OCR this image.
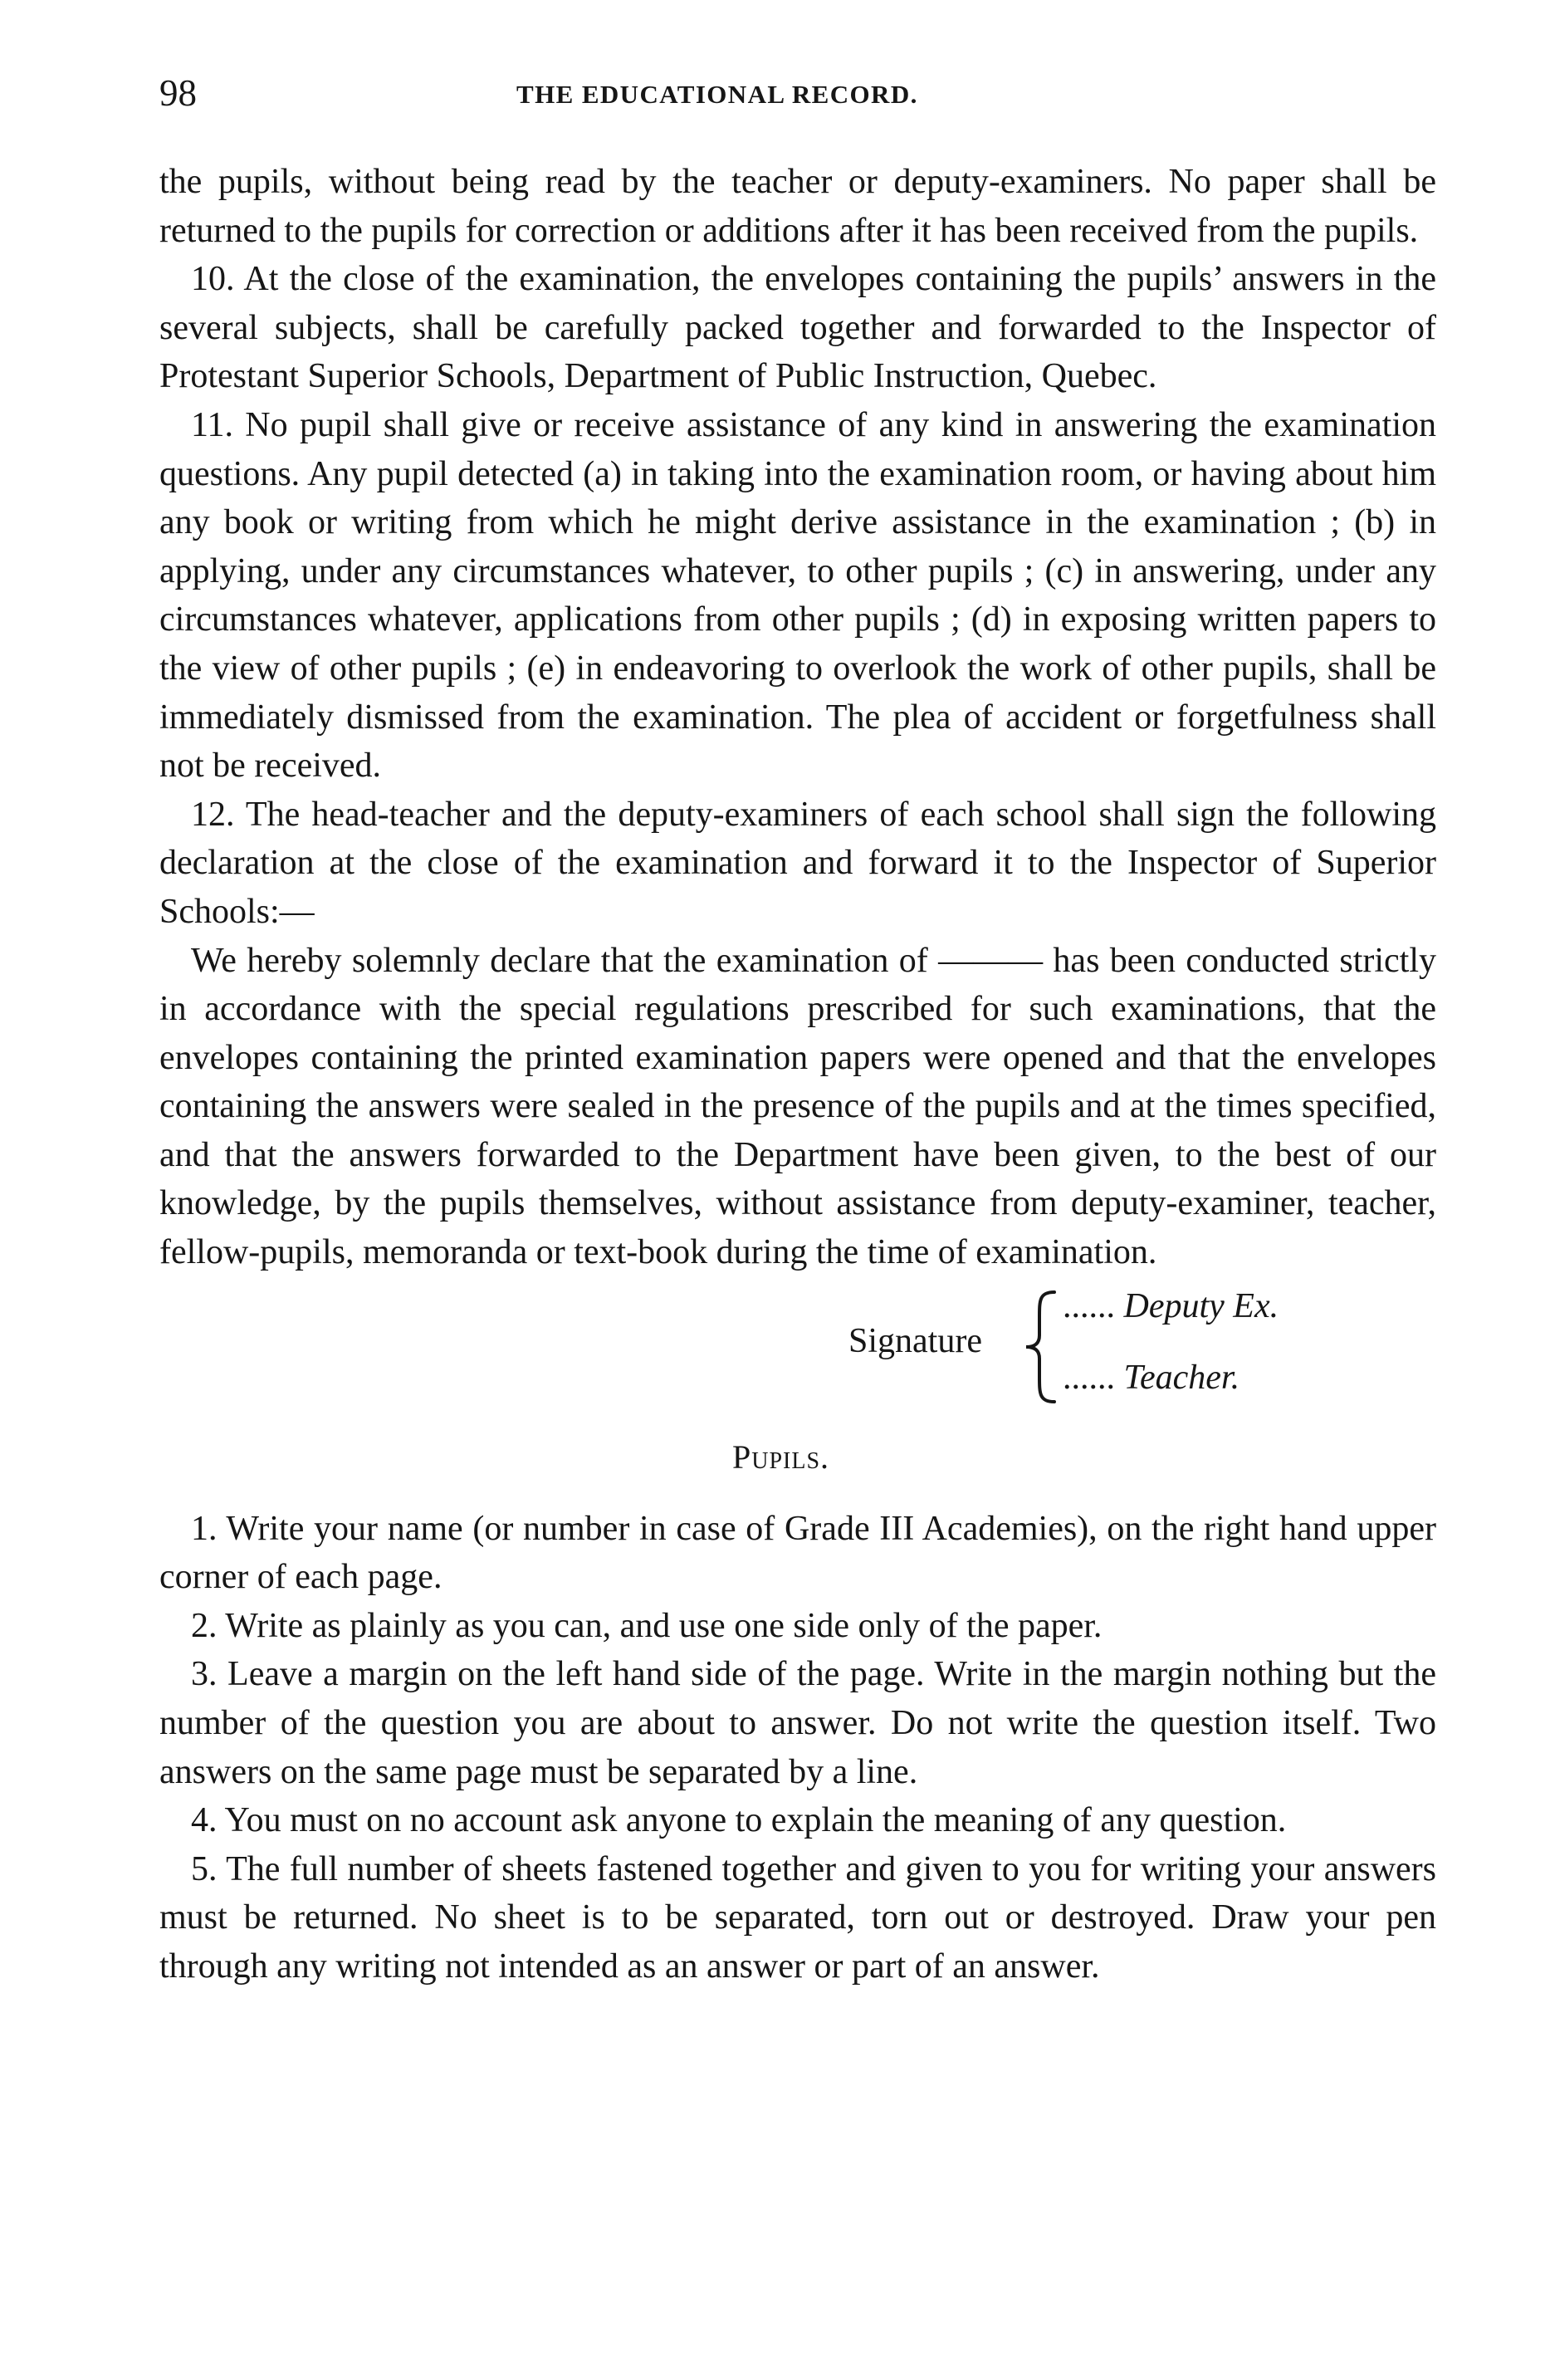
98	THE EDUCATIONAL RECORD.

the pupils, without being read by the teacher or deputy-examiners. No paper shall be returned to the pupils for correction or additions after it has been received from the pupils.

10. At the close of the examination, the envelopes containing the pupils’ answers in the several subjects, shall be carefully packed together and forwarded to the Inspector of Protestant Superior Schools, Department of Public Instruction, Quebec.

11. No pupil shall give or receive assistance of any kind in answering the examination questions. Any pupil detected (a) in taking into the examination room, or having about him any book or writing from which he might derive assistance in the examination ; (b) in applying, under any circumstances whatever, to other pupils ; (c) in answering, under any circumstances whatever, applications from other pupils ; (d) in exposing written papers to the view of other pupils ; (e) in endeavoring to overlook the work of other pupils, shall be immediately dismissed from the examination. The plea of accident or forgetfulness shall not be received.

12. The head-teacher and the deputy-examiners of each school shall sign the following declaration at the close of the examination and forward it to the Inspector of Superior Schools:—

We hereby solemnly declare that the examination of ——— has been conducted strictly in accordance with the special regulations prescribed for such examinations, that the envelopes containing the printed examination papers were opened and that the envelopes containing the answers were sealed in the presence of the pupils and at the times specified, and that the answers forwarded to the Department have been given, to the best of our knowledge, by the pupils themselves, without assistance from deputy-examiner, teacher, fellow-pupils, memoranda or text-book during the time of examination.

Signature
...... Deputy Ex.
...... Teacher.
Pupils.

1. Write your name (or number in case of Grade III Academies), on the right hand upper corner of each page.

2. Write as plainly as you can, and use one side only of the paper.

3. Leave a margin on the left hand side of the page. Write in the margin nothing but the number of the question you are about to answer. Do not write the question itself. Two answers on the same page must be separated by a line.

4. You must on no account ask anyone to explain the meaning of any question.

5. The full number of sheets fastened together and given to you for writing your answers must be returned. No sheet is to be separated, torn out or destroyed. Draw your pen through any writing not intended as an answer or part of an answer.
